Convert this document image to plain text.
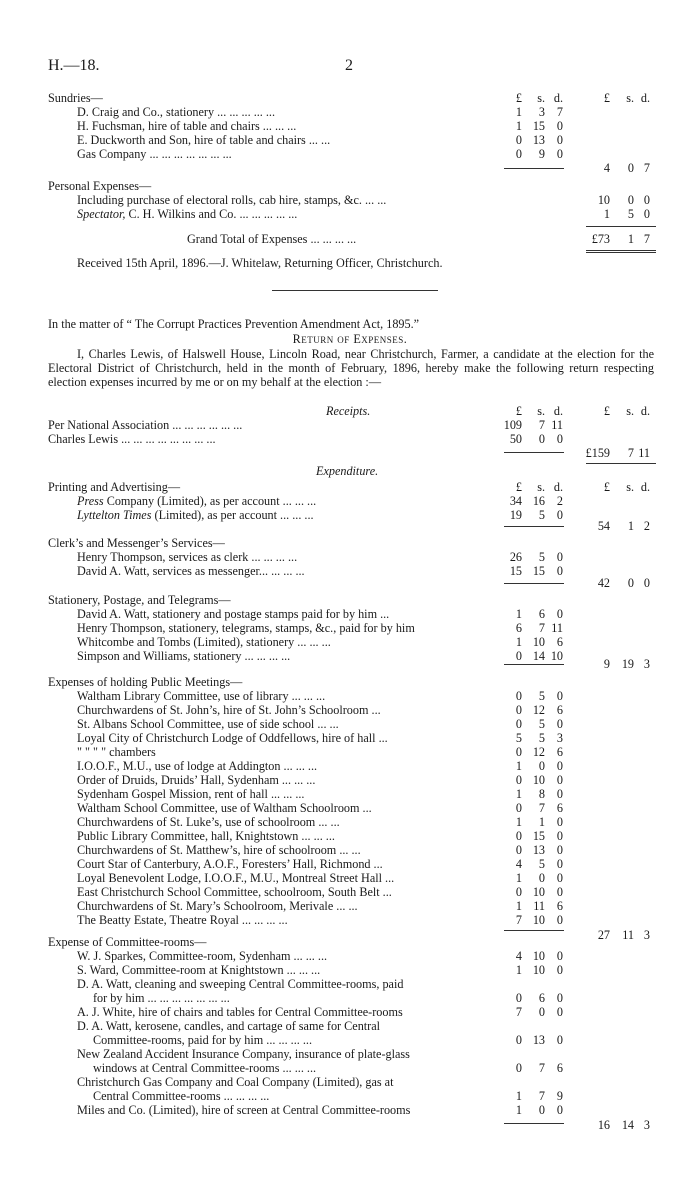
H.—18.	2
Sundries—	£	s. d.	£	s. d.
D. Craig and Co., stationery ... ... ... ... ...	1	3 7
H. Fuchsman, hire of table and chairs ... ... ...	1 15 0
E. Duckworth and Son, hire of table and chairs ... ...	0 13 0
Gas Company ... ... ... ... ... ... ...	0	9 0
4	0 7
Personal Expenses—
Including purchase of electoral rolls, cab hire, stamps, &c. ... ...	10	0 0
Spectator, C. H. Wilkins and Co. ... ... ... ... ...	1	5 0
Grand Total of Expenses ... ... ... ...	£73	1 7
Received 15th April, 1896.—J. Whitelaw, Returning Officer, Christchurch.
In the matter of “ The Corrupt Practices Prevention Amendment Act, 1895.”
Return of Expenses.
I, Charles Lewis, of Halswell House, Lincoln Road, near Christchurch, Farmer, a candidate at the election for the Electoral District of Christchurch, held in the month of February, 1896, hereby make the following return respecting election expenses incurred by me or on my behalf at the election :—
Receipts.	£	s. d.	£	s. d.
Per National Association ... ... ... ... ... ...	109	7 11
Charles Lewis ... ... ... ... ... ... ... ...	50	0 0
£159	7 11
Expenditure.
Printing and Advertising—	£	s. d.	£	s. d.
Press Company (Limited), as per account ... ... ...	34 16 2
Lyttelton Times (Limited), as per account ... ... ...	19	5 0
54	1 2
Clerk’s and Messenger’s Services—
Henry Thompson, services as clerk ... ... ... ...	26	5 0
David A. Watt, services as messenger... ... ... ...	15 15 0
42	0 0
Stationery, Postage, and Telegrams—
David A. Watt, stationery and postage stamps paid for by him ...	1	6 0
Henry Thompson, stationery, telegrams, stamps, &c., paid for by him	6	7 11
Whitcombe and Tombs (Limited), stationery ... ... ...	1 10 6
Simpson and Williams, stationery ... ... ... ...	0 14 10
9 19 3
Expenses of holding Public Meetings—
Waltham Library Committee, use of library ... ... ...	0	5 0
Churchwardens of St. John’s, hire of St. John’s Schoolroom ...	0 12 6
St. Albans School Committee, use of side school ... ...	0	5 0
Loyal City of Christchurch Lodge of Oddfellows, hire of hall ...	5	5 3
" " " " chambers	0 12 6
I.O.O.F., M.U., use of lodge at Addington ... ... ...	1	0 0
Order of Druids, Druids’ Hall, Sydenham ... ... ...	0 10 0
Sydenham Gospel Mission, rent of hall ... ... ...	1	8 0
Waltham School Committee, use of Waltham Schoolroom ...	0	7 6
Churchwardens of St. Luke’s, use of schoolroom ... ...	1	1 0
Public Library Committee, hall, Knightstown ... ... ...	0 15 0
Churchwardens of St. Matthew’s, hire of schoolroom ... ...	0 13 0
Court Star of Canterbury, A.O.F., Foresters’ Hall, Richmond ...	4	5 0
Loyal Benevolent Lodge, I.O.O.F., M.U., Montreal Street Hall ...	1	0 0
East Christchurch School Committee, schoolroom, South Belt ...	0 10 0
Churchwardens of St. Mary’s Schoolroom, Merivale ... ...	1 11 6
The Beatty Estate, Theatre Royal ... ... ... ...	7 10 0
27	11 3
Expense of Committee-rooms—
W. J. Sparkes, Committee-room, Sydenham ... ... ...	4 10 0
S. Ward, Committee-room at Knightstown ... ... ...	1 10 0
D. A. Watt, cleaning and sweeping Central Committee-rooms, paid
for by him ... ... ... ... ... ... ...	0	6 0
A. J. White, hire of chairs and tables for Central Committee-rooms	7	0 0
D. A. Watt, kerosene, candles, and cartage of same for Central
Committee-rooms, paid for by him ... ... ... ...	0 13 0
New Zealand Accident Insurance Company, insurance of plate-glass
windows at Central Committee-rooms ... ... ...	0	7 6
Christchurch Gas Company and Coal Company (Limited), gas at
Central Committee-rooms ... ... ... ...	1	7 9
Miles and Co. (Limited), hire of screen at Central Committee-rooms	1	0 0
16 14 3
